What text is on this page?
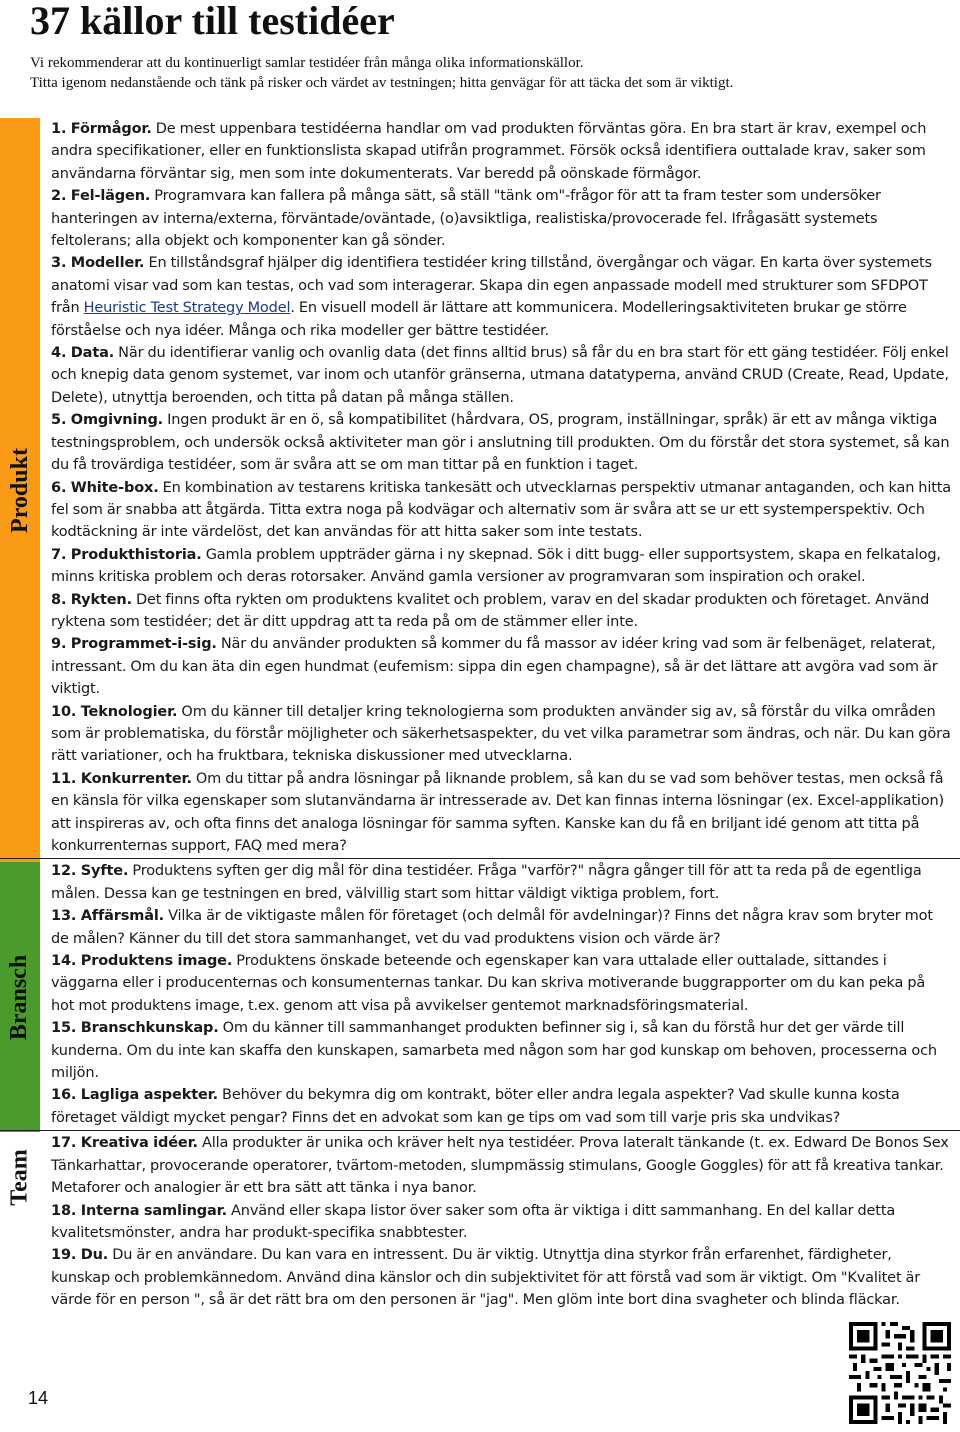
37 källor till testidéer

Vi rekommenderar att du kontinuerligt samlar testidéer från många olika informationskällor.

Titta igenom nedanstående och tänk på risker och värdet av testningen; hitta genvägar för att täcka det som är viktigt.

Produkt
Bransch
Team
14

1. Förmågor. De mest uppenbara testidéerna handlar om vad produkten förväntas göra. En bra start är krav, exempel och andra specifikationer, eller en funktionslista skapad utifrån programmet. Försök också identifiera outtalade krav, saker som användarna förväntar sig, men som inte dokumenterats. Var beredd på oönskade förmågor.

2. Fel-lägen. Programvara kan fallera på många sätt, så ställ "tänk om"-frågor för att ta fram tester som undersöker hanteringen av interna/externa, förväntade/oväntade, (o)avsiktliga, realistiska/provocerade fel. Ifrågasätt systemets feltolerans; alla objekt och komponenter kan gå sönder.

3. Modeller. En tillståndsgraf hjälper dig identifiera testidéer kring tillstånd, övergångar och vägar. En karta över systemets anatomi visar vad som kan testas, och vad som interagerar. Skapa din egen anpassade modell med strukturer som SFDPOT från Heuristic Test Strategy Model. En visuell modell är lättare att kommunicera. Modelleringsaktiviteten brukar ge större förståelse och nya idéer. Många och rika modeller ger bättre testidéer.

4. Data. När du identifierar vanlig och ovanlig data (det finns alltid brus) så får du en bra start för ett gäng testidéer. Följ enkel och knepig data genom systemet, var inom och utanför gränserna, utmana datatyperna, använd CRUD (Create, Read, Update, Delete), utnyttja beroenden, och titta på datan på många ställen.

5. Omgivning. Ingen produkt är en ö, så kompatibilitet (hårdvara, OS, program, inställningar, språk) är ett av många viktiga testningsproblem, och undersök också aktiviteter man gör i anslutning till produkten. Om du förstår det stora systemet, så kan du få trovärdiga testidéer, som är svåra att se om man tittar på en funktion i taget.

6. White-box. En kombination av testarens kritiska tankesätt och utvecklarnas perspektiv utmanar antaganden, och kan hitta fel som är snabba att åtgärda. Titta extra noga på kodvägar och alternativ som är svåra att se ur ett systemperspektiv. Och kodtäckning är inte värdelöst, det kan användas för att hitta saker som inte testats.

7. Produkthistoria. Gamla problem uppträder gärna i ny skepnad. Sök i ditt bugg- eller supportsystem, skapa en felkatalog, minns kritiska problem och deras rotorsaker. Använd gamla versioner av programvaran som inspiration och orakel.

8. Rykten. Det finns ofta rykten om produktens kvalitet och problem, varav en del skadar produkten och företaget. Använd ryktena som testidéer; det är ditt uppdrag att ta reda på om de stämmer eller inte.

9. Programmet-i-sig. När du använder produkten så kommer du få massor av idéer kring vad som är felbenäget, relaterat, intressant. Om du kan äta din egen hundmat (eufemism: sippa din egen champagne), så är det lättare att avgöra vad som är viktigt.

10. Teknologier. Om du känner till detaljer kring teknologierna som produkten använder sig av, så förstår du vilka områden som är problematiska, du förstår möjligheter och säkerhetsaspekter, du vet vilka parametrar som ändras, och när. Du kan göra rätt variationer, och ha fruktbara, tekniska diskussioner med utvecklarna.

11. Konkurrenter. Om du tittar på andra lösningar på liknande problem, så kan du se vad som behöver testas, men också få en känsla för vilka egenskaper som slutanvändarna är intresserade av. Det kan finnas interna lösningar (ex. Excel-applikation) att inspireras av, och ofta finns det analoga lösningar för samma syften. Kanske kan du få en briljant idé genom att titta på konkurrenternas support, FAQ med mera?

12. Syfte. Produktens syften ger dig mål för dina testidéer. Fråga "varför?" några gånger till för att ta reda på de egentliga målen. Dessa kan ge testningen en bred, välvillig start som hittar väldigt viktiga problem, fort.

13. Affärsmål. Vilka är de viktigaste målen för företaget (och delmål för avdelningar)? Finns det några krav som bryter mot de målen? Känner du till det stora sammanhanget, vet du vad produktens vision och värde är?

14. Produktens image. Produktens önskade beteende och egenskaper kan vara uttalade eller outtalade, sittandes i väggarna eller i producenternas och konsumenternas tankar. Du kan skriva motiverande buggrapporter om du kan peka på hot mot produktens image, t.ex. genom att visa på avvikelser gentemot marknadsföringsmaterial.

15. Branschkunskap. Om du känner till sammanhanget produkten befinner sig i, så kan du förstå hur det ger värde till kunderna. Om du inte kan skaffa den kunskapen, samarbeta med någon som har god kunskap om behoven, processerna och miljön.

16. Lagliga aspekter. Behöver du bekymra dig om kontrakt, böter eller andra legala aspekter? Vad skulle kunna kosta företaget väldigt mycket pengar? Finns det en advokat som kan ge tips om vad som till varje pris ska undvikas?

17. Kreativa idéer. Alla produkter är unika och kräver helt nya testidéer. Prova lateralt tänkande (t. ex. Edward De Bonos Sex Tänkarhattar, provocerande operatorer, tvärtom-metoden, slumpmässig stimulans, Google Goggles) för att få kreativa tankar. Metaforer och analogier är ett bra sätt att tänka i nya banor.

18. Interna samlingar. Använd eller skapa listor över saker som ofta är viktiga i ditt sammanhang. En del kallar detta kvalitetsmönster, andra har produkt-specifika snabbtester.

19. Du. Du är en användare. Du kan vara en intressent. Du är viktig. Utnyttja dina styrkor från erfarenhet, färdigheter, kunskap och problemkännedom. Använd dina känslor och din subjektivitet för att förstå vad som är viktigt. Om "Kvalitet är värde för en person ", så är det rätt bra om den personen är "jag". Men glöm inte bort dina svagheter och blinda fläckar.
